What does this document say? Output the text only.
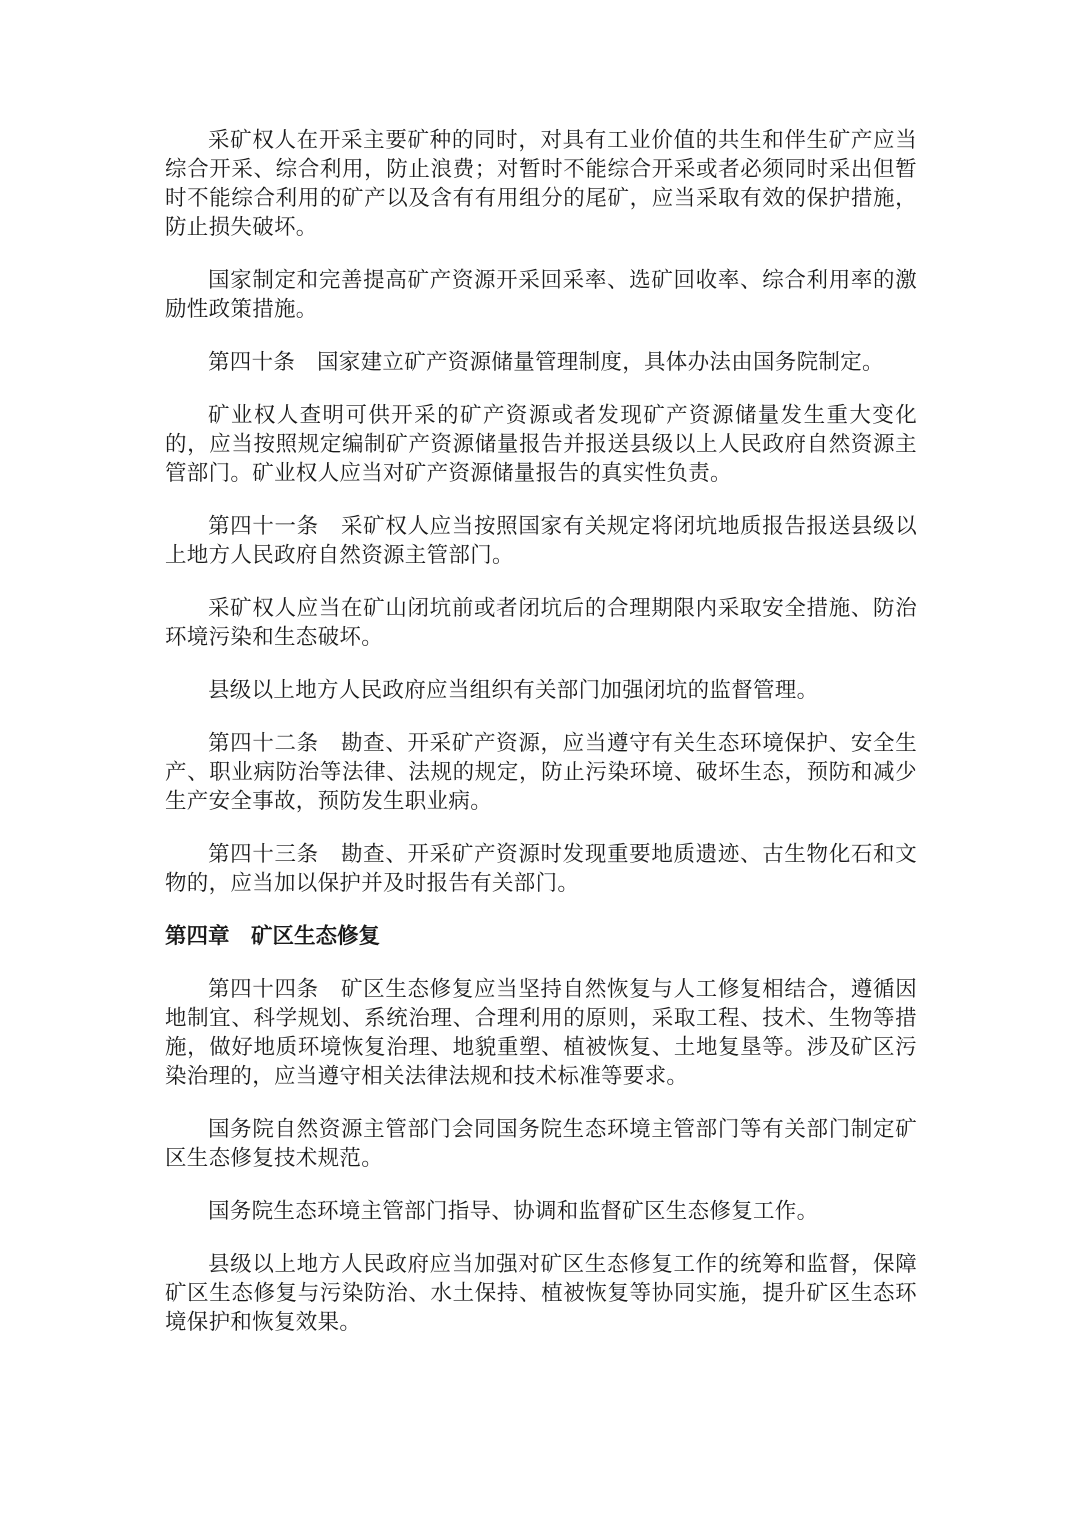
采矿权人在开采主要矿种的同时，对具有工业价值的共生和伴生矿产应当综合开采、综合利用，防止浪费；对暂时不能综合开采或者必须同时采出但暂时不能综合利用的矿产以及含有有用组分的尾矿，应当采取有效的保护措施，防止损失破坏。

国家制定和完善提高矿产资源开采回采率、选矿回收率、综合利用率的激励性政策措施。

第四十条　国家建立矿产资源储量管理制度，具体办法由国务院制定。

矿业权人查明可供开采的矿产资源或者发现矿产资源储量发生重大变化的，应当按照规定编制矿产资源储量报告并报送县级以上人民政府自然资源主管部门。矿业权人应当对矿产资源储量报告的真实性负责。

第四十一条　采矿权人应当按照国家有关规定将闭坑地质报告报送县级以上地方人民政府自然资源主管部门。

采矿权人应当在矿山闭坑前或者闭坑后的合理期限内采取安全措施、防治环境污染和生态破坏。

县级以上地方人民政府应当组织有关部门加强闭坑的监督管理。

第四十二条　勘查、开采矿产资源，应当遵守有关生态环境保护、安全生产、职业病防治等法律、法规的规定，防止污染环境、破坏生态，预防和减少生产安全事故，预防发生职业病。

第四十三条　勘查、开采矿产资源时发现重要地质遗迹、古生物化石和文物的，应当加以保护并及时报告有关部门。

第四章　矿区生态修复

第四十四条　矿区生态修复应当坚持自然恢复与人工修复相结合，遵循因地制宜、科学规划、系统治理、合理利用的原则，采取工程、技术、生物等措施，做好地质环境恢复治理、地貌重塑、植被恢复、土地复垦等。涉及矿区污染治理的，应当遵守相关法律法规和技术标准等要求。

国务院自然资源主管部门会同国务院生态环境主管部门等有关部门制定矿区生态修复技术规范。

国务院生态环境主管部门指导、协调和监督矿区生态修复工作。

县级以上地方人民政府应当加强对矿区生态修复工作的统筹和监督，保障矿区生态修复与污染防治、水土保持、植被恢复等协同实施，提升矿区生态环境保护和恢复效果。
